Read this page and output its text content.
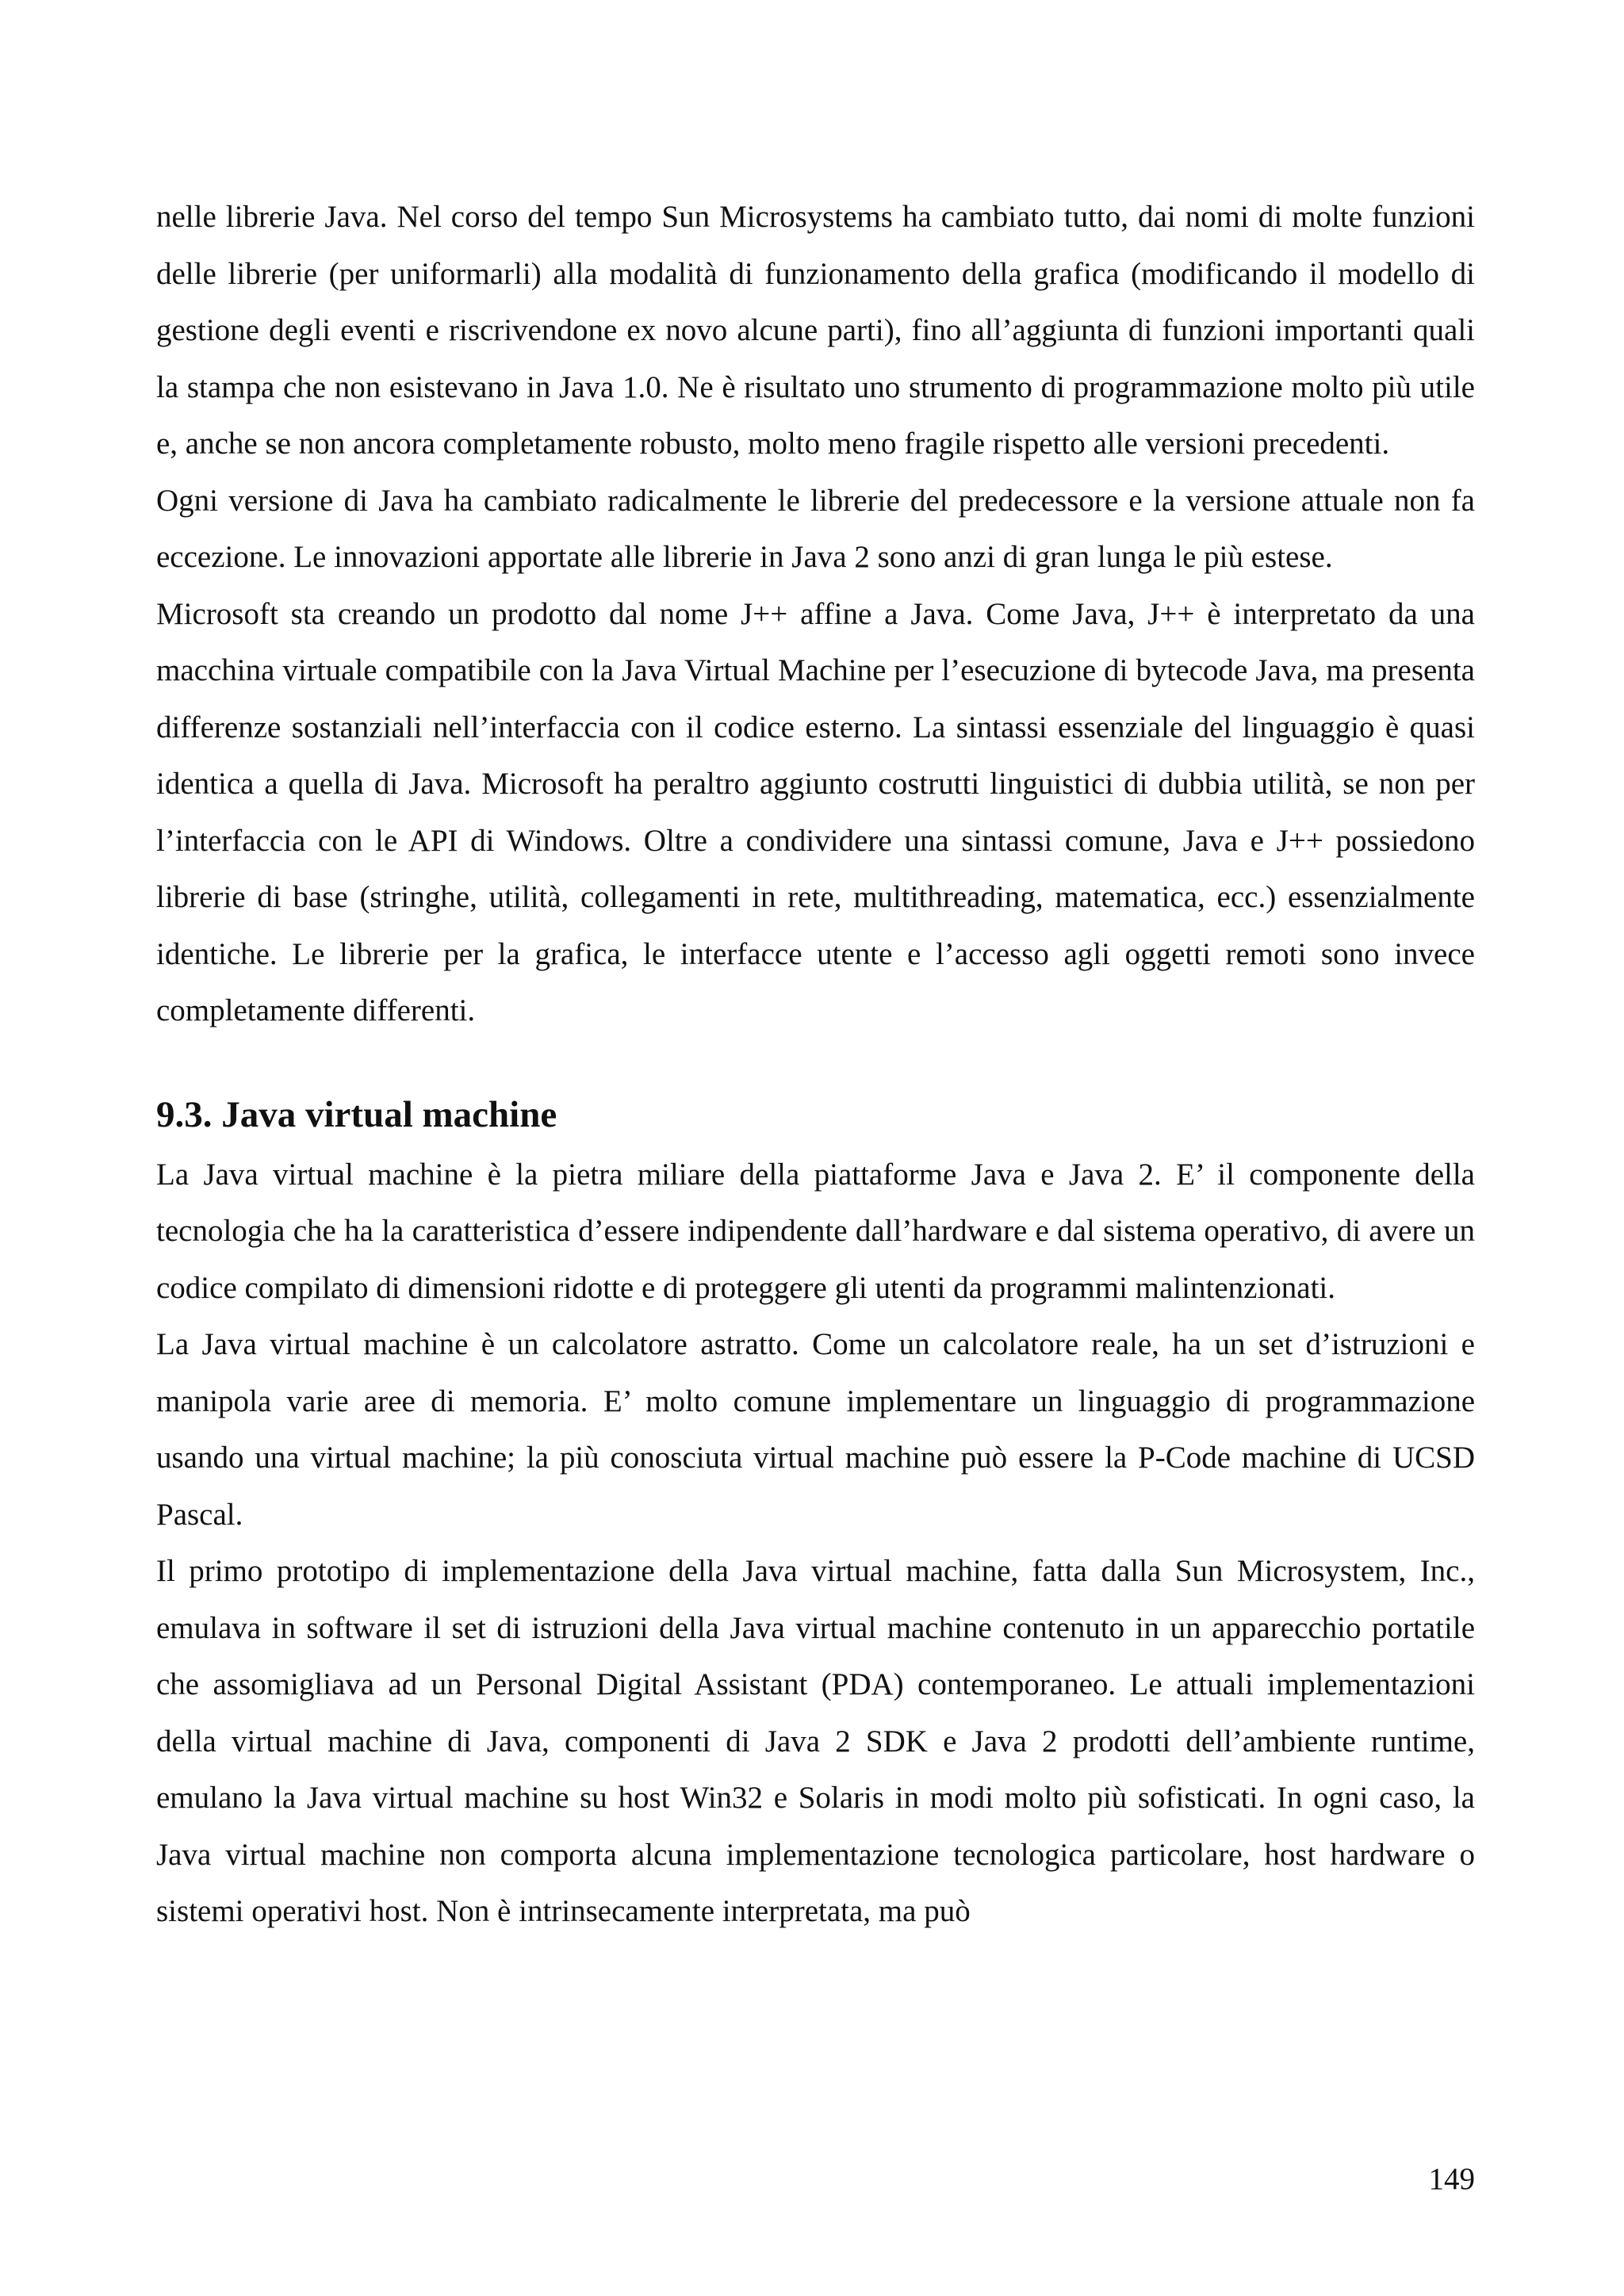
nelle librerie Java. Nel corso del tempo Sun Microsystems ha cambiato tutto, dai nomi di molte funzioni delle librerie (per uniformarli) alla modalità di funzionamento della grafica (modificando il modello di gestione degli eventi e riscrivendone ex novo alcune parti), fino all’aggiunta di funzioni importanti quali la stampa che non esistevano in Java 1.0. Ne è risultato uno strumento di programmazione molto più utile e, anche se non ancora completamente robusto, molto meno fragile rispetto alle versioni precedenti.

Ogni versione di Java ha cambiato radicalmente le librerie del predecessore e la versione attuale non fa eccezione. Le innovazioni apportate alle librerie in Java 2 sono anzi di gran lunga le più estese.

Microsoft sta creando un prodotto dal nome J++ affine a Java. Come Java, J++ è interpretato da una macchina virtuale compatibile con la Java Virtual Machine per l’esecuzione di bytecode Java, ma presenta differenze sostanziali nell’interfaccia con il codice esterno. La sintassi essenziale del linguaggio è quasi identica a quella di Java. Microsoft ha peraltro aggiunto costrutti linguistici di dubbia utilità, se non per l’interfaccia con le API di Windows. Oltre a condividere una sintassi comune, Java e J++ possiedono librerie di base (stringhe, utilità, collegamenti in rete, multithreading, matematica, ecc.) essenzialmente identiche. Le librerie per la grafica, le interfacce utente e l’accesso agli oggetti remoti sono invece completamente differenti.

9.3. Java virtual machine

La Java virtual machine è la pietra miliare della piattaforme Java e Java 2. E’ il componente della tecnologia che ha la caratteristica d’essere indipendente dall’hardware e dal sistema operativo, di avere un codice compilato di dimensioni ridotte e di proteggere gli utenti da programmi malintenzionati.

La Java virtual machine è un calcolatore astratto. Come un calcolatore reale, ha un set d’istruzioni e manipola varie aree di memoria. E’ molto comune implementare un linguaggio di programmazione usando una virtual machine; la più conosciuta virtual machine può essere la P-Code machine di UCSD Pascal.

Il primo prototipo di implementazione della Java virtual machine, fatta dalla Sun Microsystem, Inc., emulava in software il set di istruzioni della Java virtual machine contenuto in un apparecchio portatile che assomigliava ad un Personal Digital Assistant (PDA) contemporaneo. Le attuali implementazioni della virtual machine di Java, componenti di Java 2 SDK e Java 2 prodotti dell’ambiente runtime, emulano la Java virtual machine su host Win32 e Solaris in modi molto più sofisticati. In ogni caso, la Java virtual machine non comporta alcuna implementazione tecnologica particolare, host hardware o sistemi operativi host. Non è intrinsecamente interpretata, ma può

149
